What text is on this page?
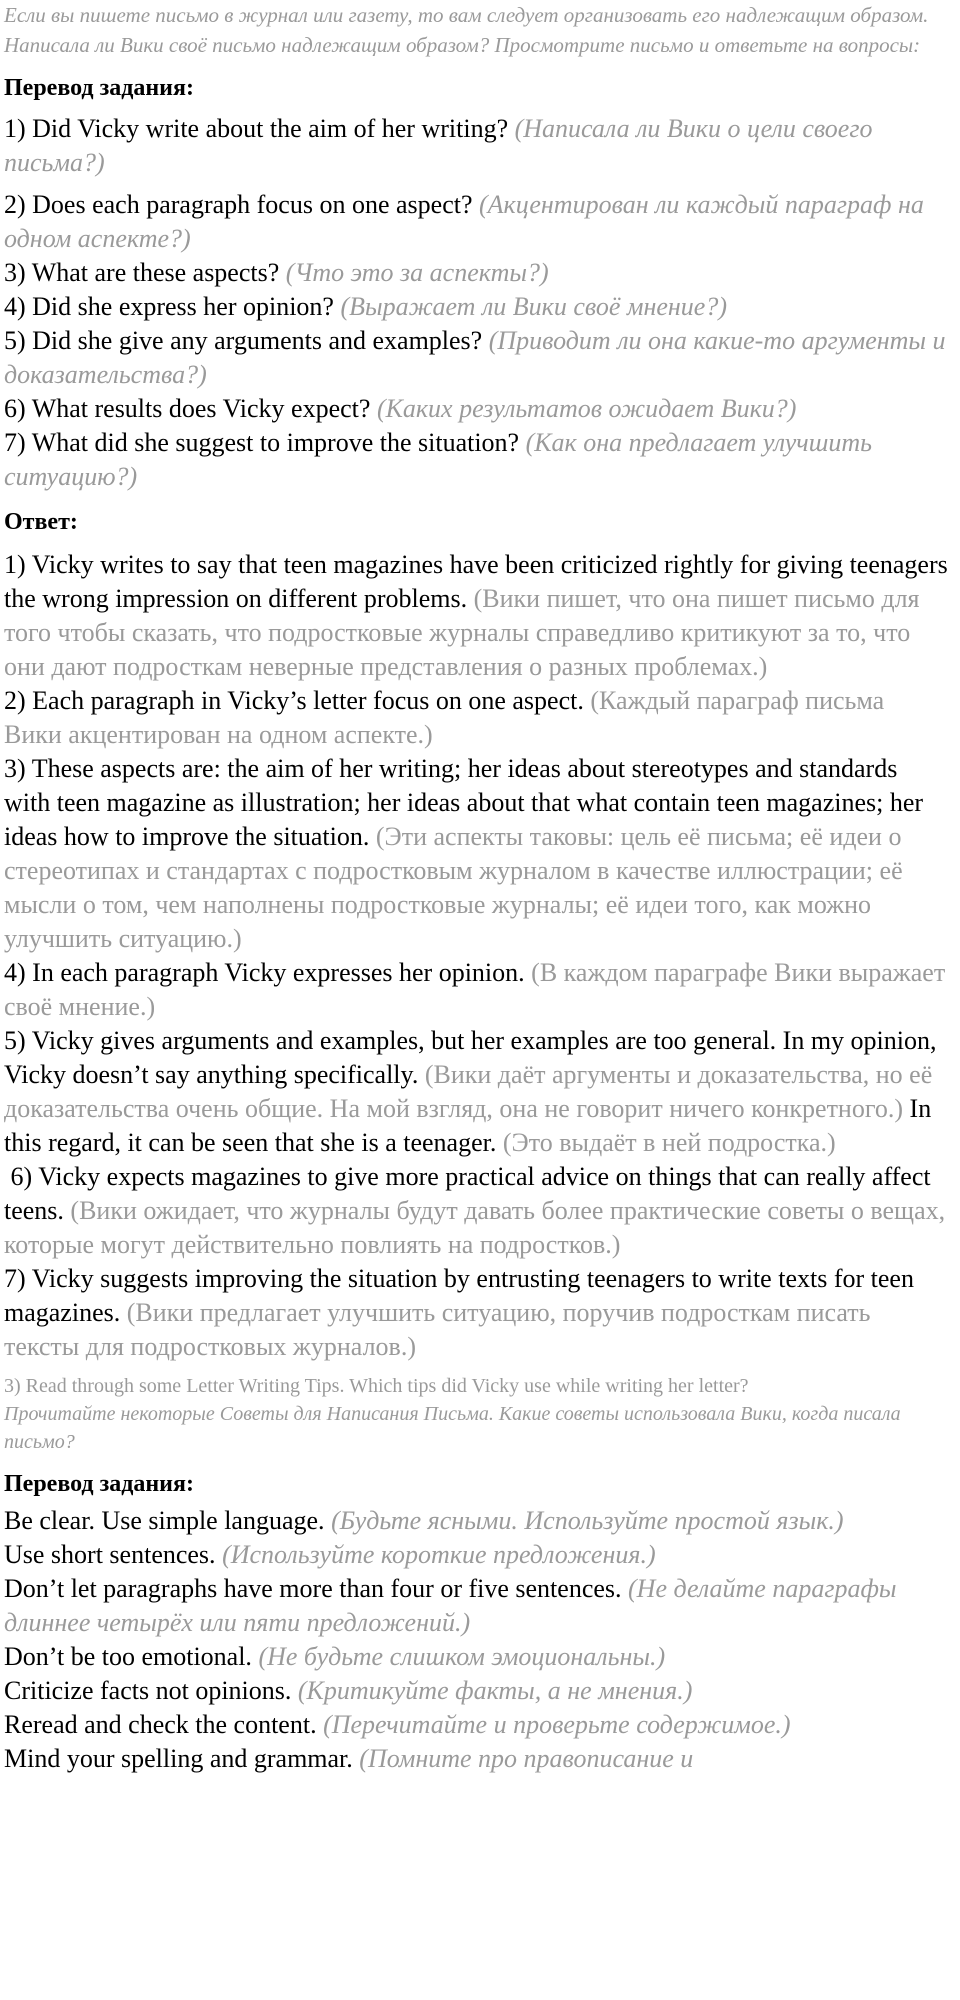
Если вы пишете письмо в журнал или газету, то вам следует организовать его надлежащим образом.
Написала ли Вики своё письмо надлежащим образом? Просмотрите письмо и ответьте на вопросы:
Перевод задания:
1) Did Vicky write about the aim of her writing? (Написала ли Вики о цели своего письма?)
2) Does each paragraph focus on one aspect? (Акцентирован ли каждый параграф на одном аспекте?)
3) What are these aspects? (Что это за аспекты?)
4) Did she express her opinion? (Выражает ли Вики своё мнение?)
5) Did she give any arguments and examples? (Приводит ли она какие-то аргументы и доказательства?)
6) What results does Vicky expect? (Каких результатов ожидает Вики?)
7) What did she suggest to improve the situation? (Как она предлагает улучшить ситуацию?)
Ответ:
1) Vicky writes to say that teen magazines have been criticized rightly for giving teenagers the wrong impression on different problems. (Вики пишет, что она пишет письмо для того чтобы сказать, что подростковые журналы справедливо критикуют за то, что они дают подросткам неверные представления о разных проблемах.)
2) Each paragraph in Vicky’s letter focus on one aspect. (Каждый параграф письма Вики акцентирован на одном аспекте.)
3) These aspects are: the aim of her writing; her ideas about stereotypes and standards with teen magazine as illustration; her ideas about that what contain teen magazines; her ideas how to improve the situation. (Эти аспекты таковы: цель её письма; её идеи о стереотипах и стандартах с подростковым журналом в качестве иллюстрации; её мысли о том, чем наполнены подростковые журналы; её идеи того, как можно улучшить ситуацию.)
4) In each paragraph Vicky expresses her opinion. (В каждом параграфе Вики выражает своё мнение.)
5) Vicky gives arguments and examples, but her examples are too general. In my opinion, Vicky doesn’t say anything specifically. (Вики даёт аргументы и доказательства, но её доказательства очень общие. На мой взгляд, она не говорит ничего конкретного.) In this regard, it can be seen that she is a teenager. (Это выдаёт в ней подростка.)
6) Vicky expects magazines to give more practical advice on things that can really affect teens. (Вики ожидает, что журналы будут давать более практические советы о вещах, которые могут действительно повлиять на подростков.)
7) Vicky suggests improving the situation by entrusting teenagers to write texts for teen magazines. (Вики предлагает улучшить ситуацию, поручив подросткам писать тексты для подростковых журналов.)
3) Read through some Letter Writing Tips. Which tips did Vicky use while writing her letter?
Прочитайте некоторые Советы для Написания Письма. Какие советы использовала Вики, когда писала письмо?
Перевод задания:
Be clear. Use simple language. (Будьте ясными. Используйте простой язык.)
Use short sentences. (Используйте короткие предложения.)
Don’t let paragraphs have more than four or five sentences. (Не делайте параграфы длиннее четырёх или пяти предложений.)
Don’t be too emotional. (Не будьте слишком эмоциональны.)
Criticize facts not opinions. (Критикуйте факты, а не мнения.)
Reread and check the content. (Перечитайте и проверьте содержимое.)
Mind your spelling and grammar. (Помните про правописание и
